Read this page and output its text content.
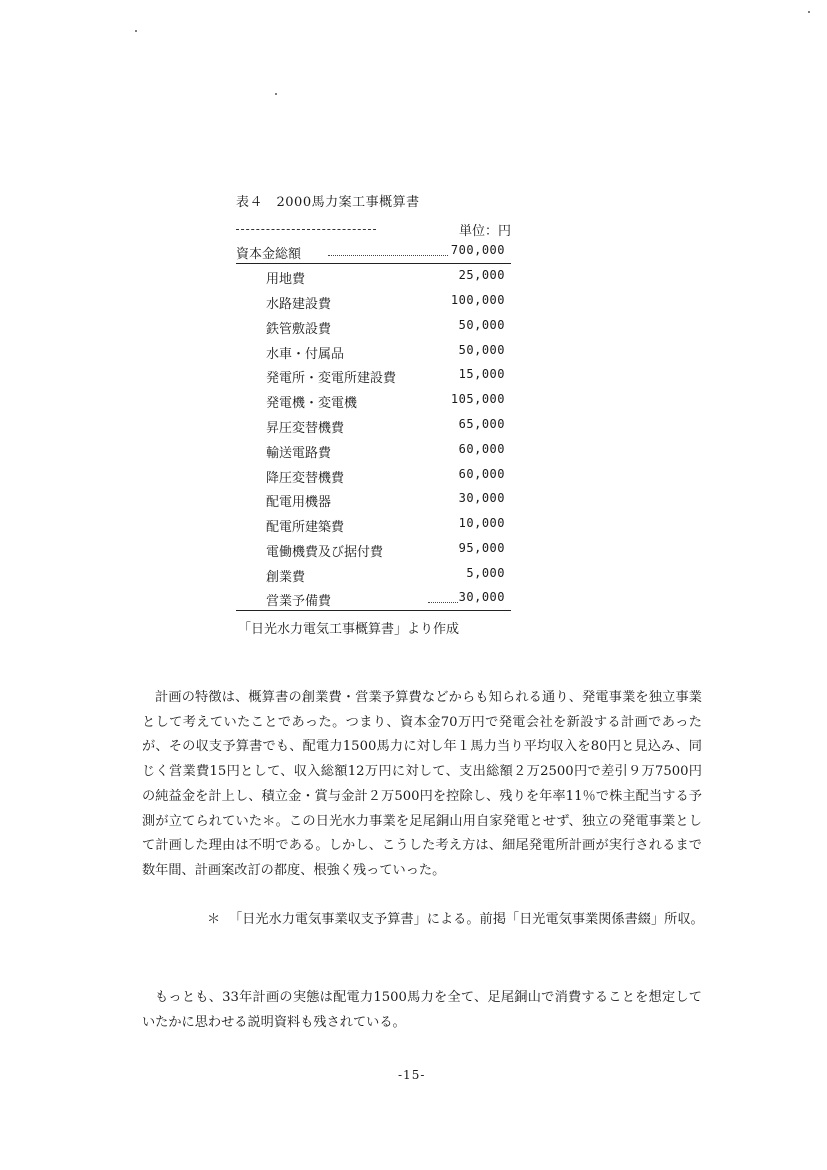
表４　2000馬力案工事概算書
単位：円
資本金総額	700,000
用地費	25,000
水路建設費	100,000
鉄管敷設費	50,000
水車・付属品	50,000
発電所・変電所建設費	15,000
発電機・変電機	105,000
昇圧変替機費	65,000
輸送電路費	60,000
降圧変替機費	60,000
配電用機器	30,000
配電所建築費	10,000
電働機費及び据付費	95,000
創業費	5,000
営業予備費	30,000
「日光水力電気工事概算書」より作成

計画の特徴は、概算書の創業費・営業予算費などからも知られる通り、発電事業を独立事業として考えていたことであった。つまり、資本金70万円で発電会社を新設する計画であったが、その収支予算書でも、配電力1500馬力に対し年１馬力当り平均収入を80円と見込み、同じく営業費15円として、収入総額12万円に対して、支出総額２万2500円で差引９万7500円の純益金を計上し、積立金・賞与金計２万500円を控除し、残りを年率11％で株主配当する予測が立てられていた＊。この日光水力事業を足尾銅山用自家発電とせず、独立の発電事業として計画した理由は不明である。しかし、こうした考え方は、細尾発電所計画が実行されるまで数年間、計画案改訂の都度、根強く残っていった。

＊ 「日光水力電気事業収支予算書」による。前掲「日光電気事業関係書綴」所収。

もっとも、33年計画の実態は配電力1500馬力を全て、足尾銅山で消費することを想定していたかに思わせる説明資料も残されている。

-15-
